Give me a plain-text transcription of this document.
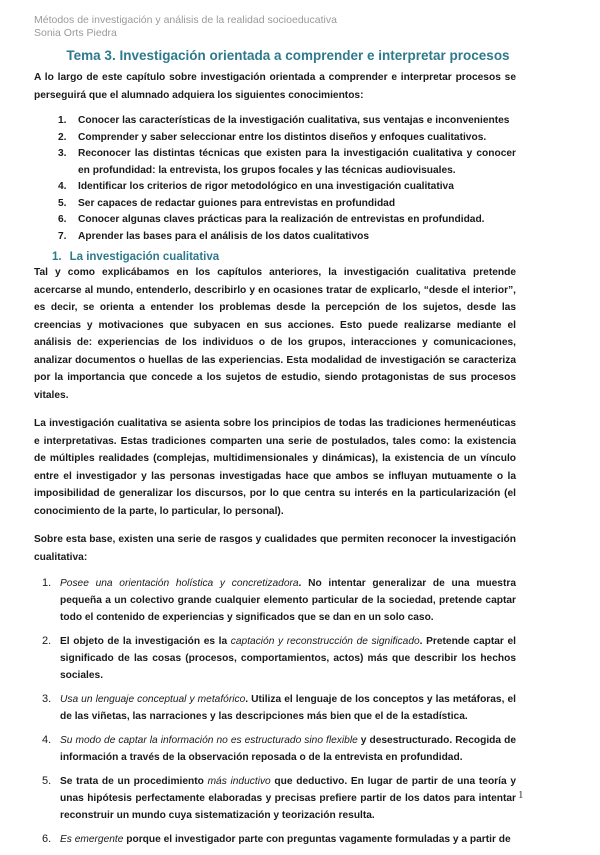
Métodos de investigación y análisis de la realidad socioeducativa
Sonia Orts Piedra
Tema 3. Investigación orientada a comprender e interpretar procesos

A lo largo de este capítulo sobre investigación orientada a comprender e interpretar procesos se perseguirá que el alumnado adquiera los siguientes conocimientos:

1. Conocer las características de la investigación cualitativa, sus ventajas e inconvenientes
2. Comprender y saber seleccionar entre los distintos diseños y enfoques cualitativos.
3. Reconocer las distintas técnicas que existen para la investigación cualitativa y conocer en profundidad: la entrevista, los grupos focales y las técnicas audiovisuales.
4. Identificar los criterios de rigor metodológico en una investigación cualitativa
5. Ser capaces de redactar guiones para entrevistas en profundidad
6. Conocer algunas claves prácticas para la realización de entrevistas en profundidad.
7. Aprender las bases para el análisis de los datos cualitativos
1. La investigación cualitativa

Tal y como explicábamos en los capítulos anteriores, la investigación cualitativa pretende acercarse al mundo, entenderlo, describirlo y en ocasiones tratar de explicarlo, “desde el interior”, es decir, se orienta a entender los problemas desde la percepción de los sujetos, desde las creencias y motivaciones que subyacen en sus acciones. Esto puede realizarse mediante el análisis de: experiencias de los individuos o de los grupos, interacciones y comunicaciones, analizar documentos o huellas de las experiencias. Esta modalidad de investigación se caracteriza por la importancia que concede a los sujetos de estudio, siendo protagonistas de sus procesos vitales.

La investigación cualitativa se asienta sobre los principios de todas las tradiciones hermenéuticas e interpretativas. Estas tradiciones comparten una serie de postulados, tales como: la existencia de múltiples realidades (complejas, multidimensionales y dinámicas), la existencia de un vínculo entre el investigador y las personas investigadas hace que ambos se influyan mutuamente o la imposibilidad de generalizar los discursos, por lo que centra su interés en la particularización (el conocimiento de la parte, lo particular, lo personal).

Sobre esta base, existen una serie de rasgos y cualidades que permiten reconocer la investigación cualitativa:

1. Posee una orientación holística y concretizadora. No intentar generalizar de una muestra pequeña a un colectivo grande cualquier elemento particular de la sociedad, pretende captar todo el contenido de experiencias y significados que se dan en un solo caso.
2. El objeto de la investigación es la captación y reconstrucción de significado. Pretende captar el significado de las cosas (procesos, comportamientos, actos) más que describir los hechos sociales.
3. Usa un lenguaje conceptual y metafórico. Utiliza el lenguaje de los conceptos y las metáforas, el de las viñetas, las narraciones y las descripciones más bien que el de la estadística.
4. Su modo de captar la información no es estructurado sino flexible y desestructurado. Recogida de información a través de la observación reposada o de la entrevista en profundidad.
5. Se trata de un procedimiento más inductivo que deductivo. En lugar de partir de una teoría y unas hipótesis perfectamente elaboradas y precisas prefiere partir de los datos para intentar reconstruir un mundo cuya sistematización y teorización resulta.
6. Es emergente porque el investigador parte con preguntas vagamente formuladas y a partir de
1
